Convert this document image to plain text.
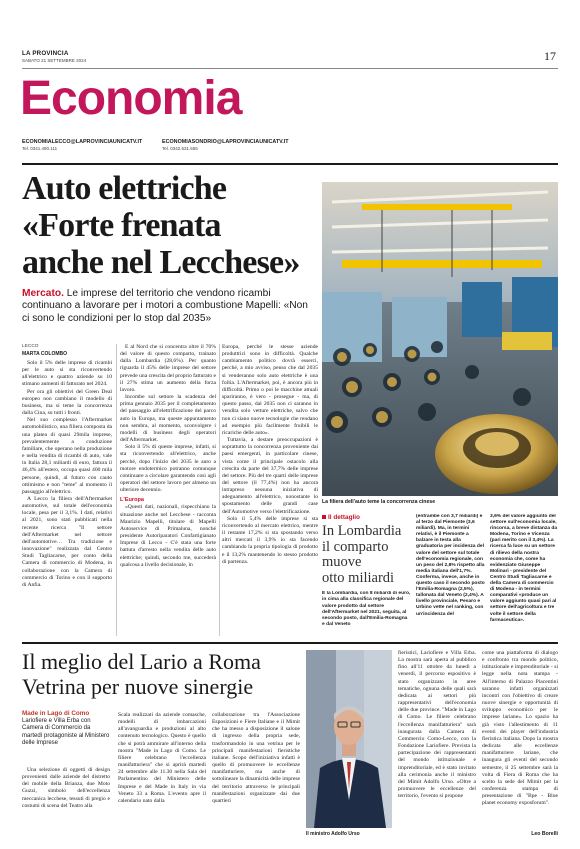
LA PROVINCIA
SABATO 21 SETTEMBRE 2024	17
Economia
ECONOMIALECCO@LAPROVINCIAUNICATV.IT
Tel. 0341.490.111
ECONOMIASONDRIO@LAPROVINCIAUNICATV.IT
Tel. 0342.531.555
Auto elettriche
«Forte frenata
anche nel Lecchese»
Mercato. Le imprese del territorio che vendono ricambi continuano a lavorare per i motori a combustione Mapelli: «Non ci sono le condizioni per lo stop dal 2035»
La filiera dell'auto teme la concorrenza cinese
LECCO
MARTA COLOMBO

Solo il 5% delle imprese di ricambi per le auto si sta riconvertendo all'elettrico e quattro aziende su 10 stimano aumenti di fatturato nel 2024.

Per ora gli obiettivi del Green Deal europeo non cambiano il modello di business, ma si teme la concorrenza dalla Cina, su tutti i fronti.

Nel suo complesso l'Aftermarket automobilistico, una filiera composta da una platea di quasi 29mila imprese, prevalentemente a conduzione familiare, che operano nella produzione e nella vendita di ricambi di auto, vale in Italia 28,1 miliardi di euro, fattura il 46,4% all'estero, occupa quasi 400 mila persone, quindi, al futuro con cauto ottimismo e non "teme" al momento il passaggio all'elettrico.

A Lecco la filiera dell'Aftermarket automotive, sul totale dell'economia locale, pesa per il 3,1%. I dati, relativi al 2021, sono stati pubblicati nella recente ricerca "Il settore dell'Aftermarket nel settore dell'automotive… Tra tradizione e innovazione" realizzata dal Centro Studi Tagliacarne, per conto della Camera di commercio di Modena, in collaborazione con la Camera di commercio di Torino e con il supporto di Anfia.

E al Nord che si concentra oltre il 70% del valore di questo comparto, trainato dalla Lombardia (28,6%). Per quanto riguarda il 45% delle imprese del settore prevede una crescita del proprio fatturato e il 27% stima un aumento della forza lavoro.

Incombe sul settore la scadenza del prima gennaio 2035 per il completamento del passaggio all'elettrificazione del parco auto in Europa, ma queste appuntamento non sembra, al momento, sconvolgere i modelli di business degli operatori dell'Aftermarket.

Solo il 5% di queste imprese, infatti, si sta riconvertendo all'elettrico, anche perché, dopo l'inizio del 2035 le auto a motore endotermico potranno comunque continuare a circolare garantendo così agli operatori del settore lavoro per almeno un ulteriore decennio.

L'Europa

«Questi dati, nazionali, rispecchiano la situazione anche nel Lecchese - racconta Maurizio Mapelli, titolare di Mapelli Autoservice di Primaluna, nonché presidente Autoriparatori Confartigianato Imprese di Lecco - C'è stata una forte battuta d'arresto nella vendita delle auto elettriche; quindi, secondo me, succederà qualcosa a livello decisionale, in

Europa, perché le stesse aziende produttrici sono in difficoltà. Qualche cambiamento politico dovrà esserci, perché, a mio avviso, penso che dal 2035 si venderanno solo auto elettriche è una follia. L'Aftermarket, poi, è ancora più in difficoltà. Primo o poi le macchine attuali spariranno, è vero - prosegue - ma, di questo passo, dal 2035 non ci saranno in vendita solo vetture elettriche, salvo che non ci siano nuove tecnologie che rendano ad esempio più facilmente fruibili le ricariche delle auto».

Tuttavia, a destare preoccupazioni è soprattutto la concorrenza proveniente dai paesi emergenti, in particolare cinese, vista come il principale ostacolo alla crescita da parte del 37,7% delle imprese del settore. Più del tre quarti delle imprese del settore (il 77,4%) non ha ancora intrapreso nessuna iniziativa di adeguamento all'elettrico, nonostante lo spostamento delle grandi case dell'Automotive verso l'elettrificazione.

Solo il 5,4% delle imprese si sta riconvertendo al mercato elettrico, mentre il restante 17,2% si sta spostando verso altri mercati il 3,9% io sta facendo cambiando la propria tipologia di prodotto e il 13,2% mantenendo lo stesso prodotto di partenza.

Il dettaglio
In Lombardia
il comparto
muove
otto miliardi
È la Lombardia, con 8 miliardi di euro, in cima alla classifica regionale del valore prodotto dal settore dell'Aftermarket nel 2021, seguita, al secondo posto, dall'Emilia-Romagna e dal Veneto
(entrambe con 3,7 miliardi) e al terzo dal Piemonte (3,6 miliardi). Ma, in termini relativi, è il Piemonte a balzare in testa alla graduatoria per incidenza del valore del settore sul totale dell'economia regionale, con un peso del 2,8% rispetto alla media italiana dell'1,7%. Conferma, invece, anche in questo caso il secondo posto l'Emilia-Romagna (2,5%), tallonata dal Veneto (2,4%). A livello provinciale, Pesaro e Urbino vette nel ranking, con un'incidenza del
3,6% del valore aggiunto del settore sull'economia locale, rincorsa, a breve distanza da Modena, Torino e Vicenza (pari merito con il 3,4%). La ricerca fa luce su un settore di rilievo della nostra economia che, come ha evidenziato Giuseppe Molinari - presidente del Centro Studi Tagliacarne e della Camera di commercio di Modena - in termini comparativi «produce un valore aggiunto quasi pari al settore dell'agricoltura e tre volte il settore della farmaceutica».
Il meglio del Lario a Roma
Vetrina per nuove sinergie
Made in Lago di Como
Lariofiere e Villa Erba con Camera di Commercio da martedì protagoniste al Ministero delle Imprese

Una selezione di oggetti di design provenienti dalle aziende del distretto del mobile della Brianza, due Moto Guzzi, simbolo dell'eccellenza meccanica lecchese, tessuti di pregio e costumi di scena del Teatro alla

Scala realizzati da aziende comasche, modelli di imbarcazioni all'avanguardia e produzioni al alto contenuto tecnologico. Questo è quello che si potrà ammirare all'interno della mostra "Made in Lago di Como. Le filiere celebrano l'eccellenza manifatturiera" che si aprirà martedì 24 settembre alle 11.30 nella Sala del Parlamentino del Ministero delle Imprese e del Made in Italy in via Veneto 33 a Roma. L'evento apre il calendario nato dalla

collaborazione tra l'Associazione Esposizioni e Fiere Italiane e il Mimit che ha messo a disposizione il salone di ingresso della propria sede, trasformandolo in una vetrina per le principali manifestazioni fieristiche italiane. Scopo dell'iniziativa infatti è quello di promuovere le eccellenze manifatturiere, ma anche di sottolineare la dinamicità delle imprese del territorio attraverso le principali manifestazioni organizzate dai due quartieri

Il ministro Adolfo Urso

fieristici, Lariofiere e Villa Erba. La mostra sarà aperta al pubblico fino all'11 ottobre da lunedì a venerdì, il percorso espositivo è stato organizzato in aree tematiche, ognuna delle quali sarà dedicata ai settori più rappresentativi dell'economia delle due province. "Made in Lago di Como. Le filiere celebrano l'eccellenza manifatturiera" sarà inaugurata dalla Camera di Commercio Como-Lecco, con la Fondazione Lariofiere. Prevista la partecipazione dei rappresentanti del mondo istituzionale e imprenditoriale, ed è stato invitato alla cerimonia anche il ministro del Mimit Adolfo Urso. «Oltre a promuovere le eccellenze del territorio, l'evento si propone

come una piattaforma di dialogo e confronto tra mondo politico, istituzionale e imprenditoriale - si legge nella nota stampa - All'interno di Palazzo Piacentini saranno infatti organizzati incontri con l'obiettivo di creare nuove sinergie e opportunità di sviluppo economico per le imprese lariane». Lo spazio ha già visto l'allestimento di 11 eventi dei player dell'industria fieristica italiana. Dopo la mostra dedicata alle eccellenze manifatturiere lariane, che inaugura gli eventi del secondo semestre, il 25 settembre sarà la volta di Fiera di Roma che ha scelto la sede del Mimit per la conferenza stampa di presentazione di "Bpe - Blue planet economy exposforum".

Leo Borelli
